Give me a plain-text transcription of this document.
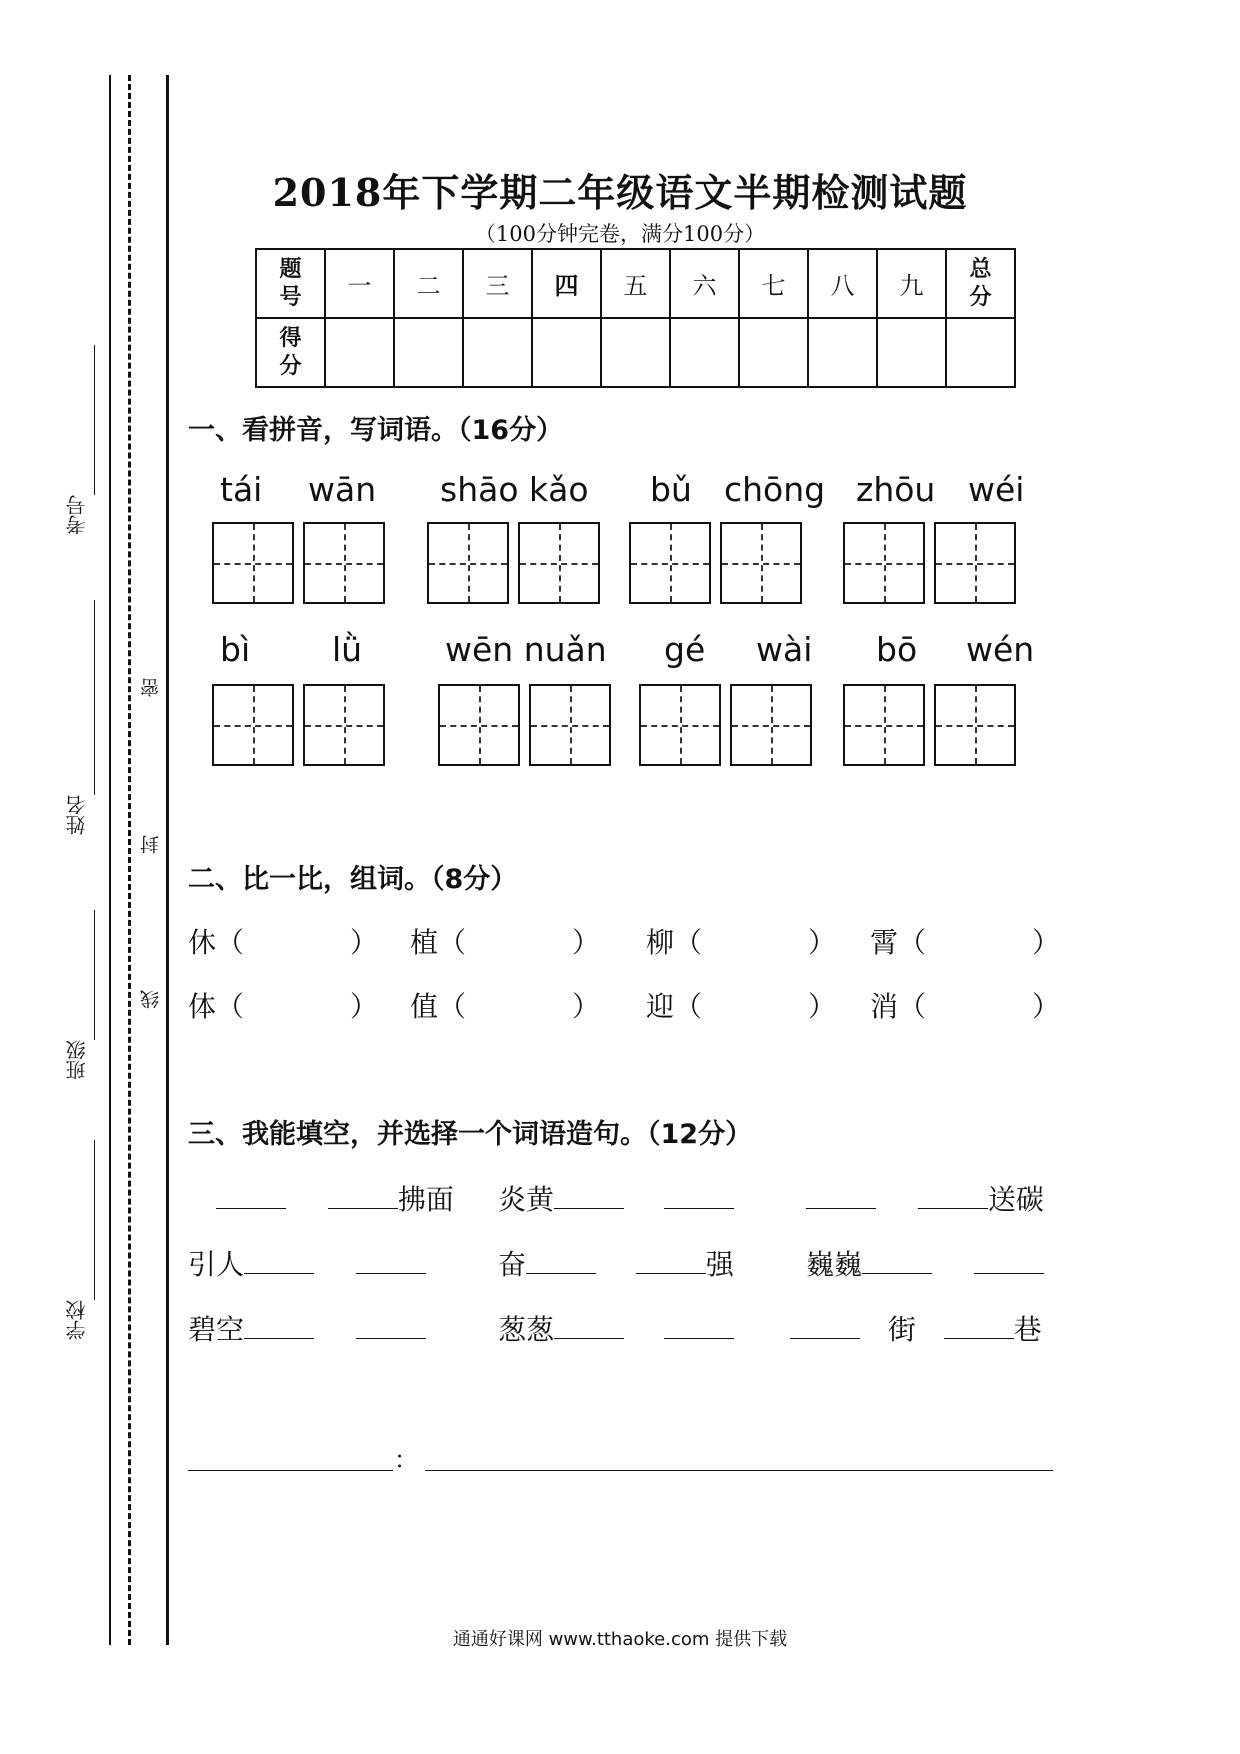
考号
姓名
班级
学校
密
封
线
2018年下学期二年级语文半期检测试题
（100分钟完卷，满分100分）
题号	一	二	三	四	五	六	七	八	九	总分

得分										

一、看拼音，写词语。（16分）
tái wān shāo kǎo bǔ chōng zhōu wéi
bì lǜ	wēn nuǎn gé wài bō wén
二、比一比，组词。（8分）
休（	） 植（	） 柳（	） 霄（	）
体（	） 值（	） 迎（	） 消（	）
三、我能填空，并选择一个词语造句。（12分）
拂面 炎黄	送碳
引人	奋	强	巍巍
碧空	葱葱	街	巷
：
通通好课网 www.tthaoke.com 提供下载
